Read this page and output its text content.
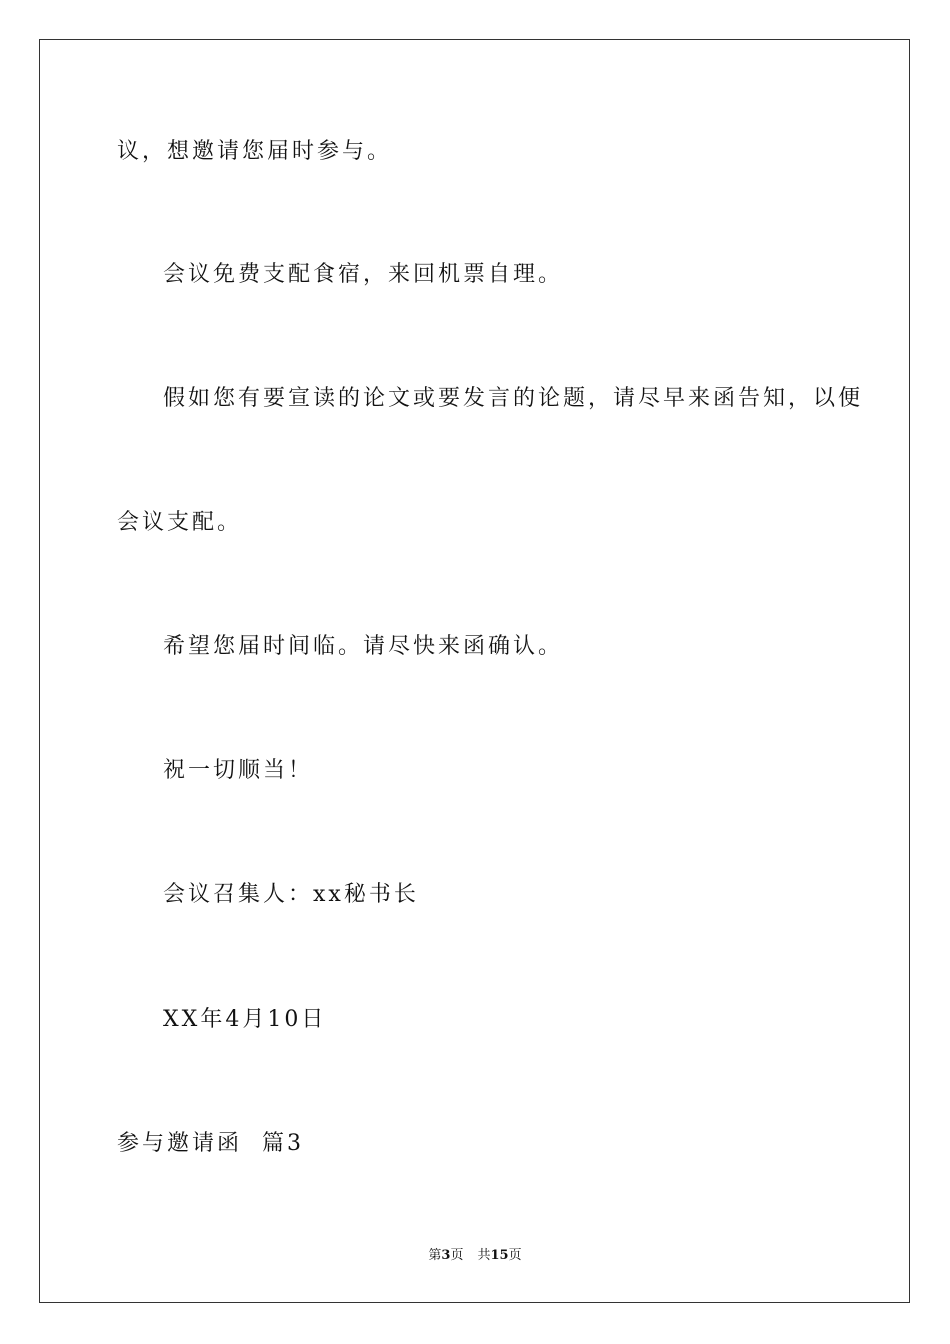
议，想邀请您届时参与。

会议免费支配食宿，来回机票自理。

假如您有要宣读的论文或要发言的论题，请尽早来函告知，以便

会议支配。

希望您届时间临。请尽快来函确认。

祝一切顺当！

会议召集人：xx秘书长

XX年4月10日

参与邀请函  篇3

第3页 共15页
